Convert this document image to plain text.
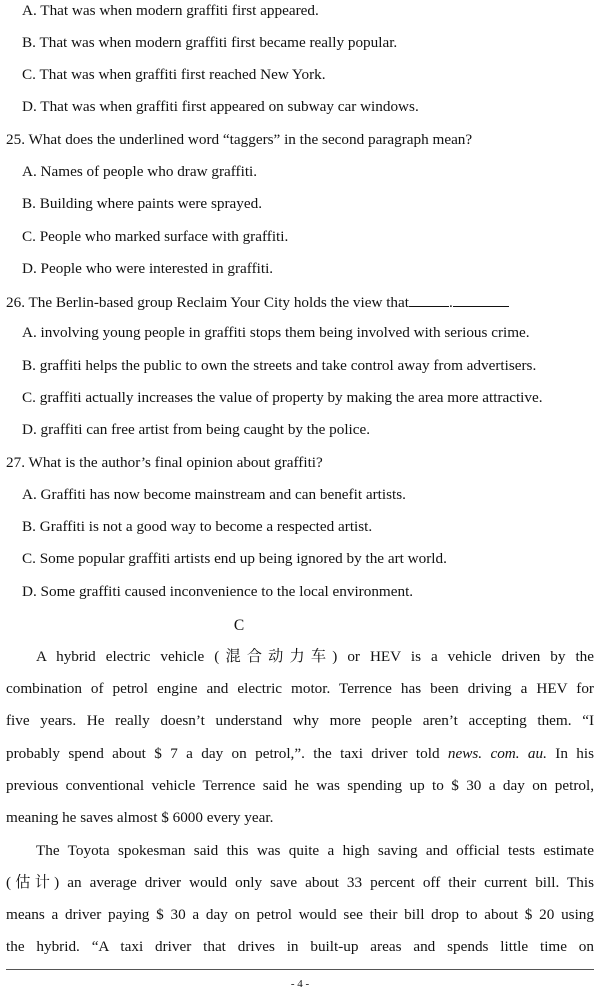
A. That was when modern graffiti first appeared.
B. That was when modern graffiti first became really popular.
C. That was when graffiti first reached New York.
D. That was when graffiti first appeared on subway car windows.
25. What does the underlined word “taggers” in the second paragraph mean?
A. Names of people who draw graffiti.
B. Building where paints were sprayed.
C. People who marked surface with graffiti.
D. People who were interested in graffiti.
26. The Berlin-based group Reclaim Your City holds the view that	.
A. involving young people in graffiti stops them being involved with serious crime.
B. graffiti helps the public to own the streets and take control away from advertisers.
C. graffiti actually increases the value of property by making the area more attractive.
D. graffiti can free artist from being caught by the police.
27. What is the author’s final opinion about graffiti?
A. Graffiti has now become mainstream and can benefit artists.
B. Graffiti is not a good way to become a respected artist.
C. Some popular graffiti artists end up being ignored by the art world.
D. Some graffiti caused inconvenience to the local environment.
C
A hybrid electric vehicle (混合动力车) or HEV is a vehicle driven by the
combination of petrol engine and electric motor. Terrence has been driving a HEV for
five years. He really doesn’t understand why more people aren’t accepting them. “I
probably spend about $ 7 a day on petrol,”. the taxi driver told news. com. au. In his
previous conventional vehicle Terrence said he was spending up to $ 30 a day on petrol,
meaning he saves almost $ 6000 every year.
The Toyota spokesman said this was quite a high saving and official tests estimate
(估计) an average driver would only save about 33 percent off their current bill. This
means a driver paying $ 30 a day on petrol would see their bill drop to about $ 20 using
the hybrid. “A taxi driver that drives in built-up areas and spends little time on
- 4 -
